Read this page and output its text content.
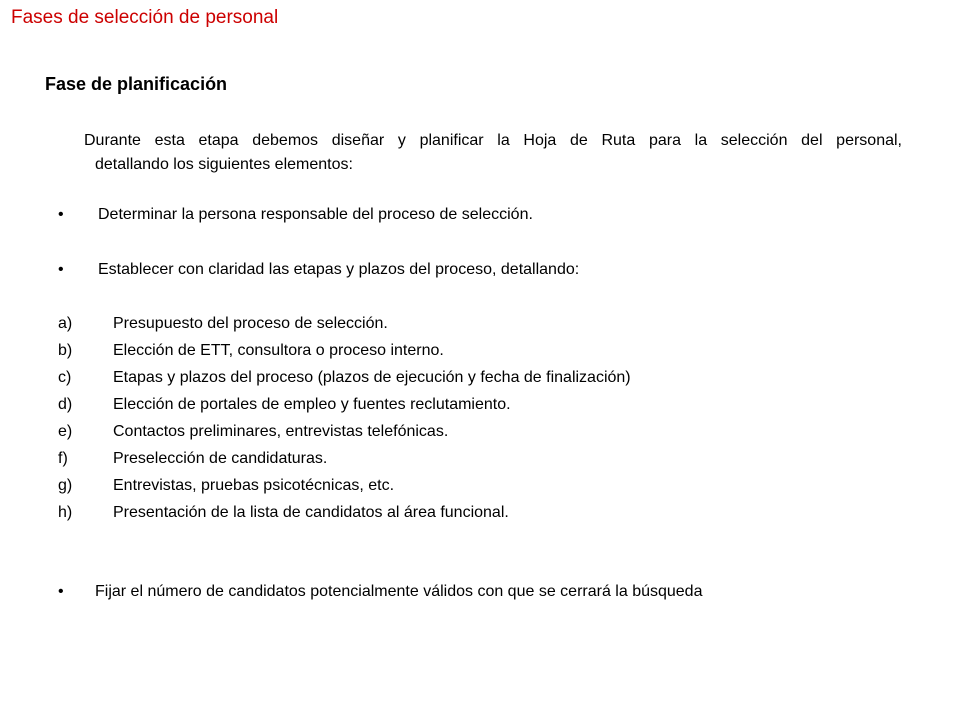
Fases de selección de personal
Fase de planificación
Durante esta etapa debemos diseñar y planificar la Hoja de Ruta para la selección del personal,
detallando los siguientes elementos:
• Determinar la persona responsable del proceso de selección.
• Establecer con claridad las etapas y plazos del proceso, detallando:
a)	Presupuesto del proceso de selección.
b)	Elección de ETT, consultora o proceso interno.
c)	Etapas y plazos del proceso (plazos de ejecución y fecha de finalización)
d)	Elección de portales de empleo y fuentes reclutamiento.
e)	Contactos preliminares, entrevistas telefónicas.
f)	Preselección de candidaturas.
g)	Entrevistas, pruebas psicotécnicas, etc.
h)	Presentación de la lista de candidatos al área funcional.
• Fijar el número de candidatos potencialmente válidos con que se cerrará la búsqueda
